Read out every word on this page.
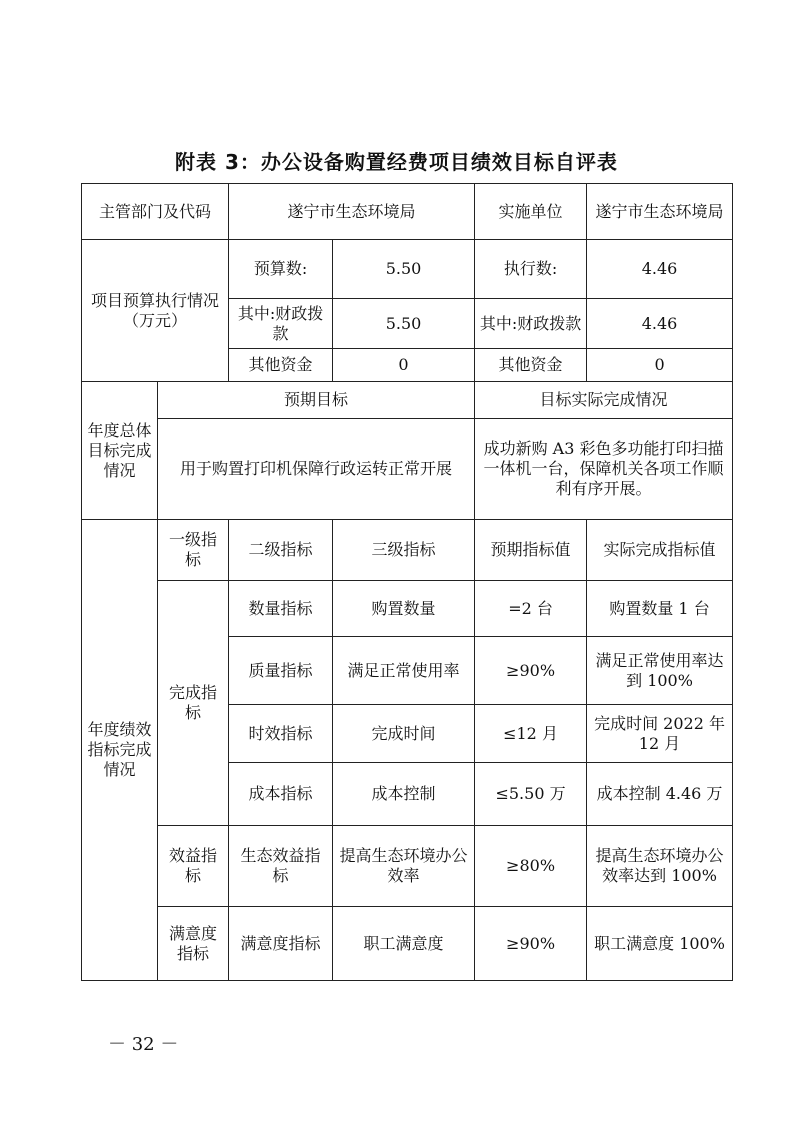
附表 3：办公设备购置经费项目绩效目标自评表
主管部门及代码		遂宁市生态环境局		实施单位	遂宁市生态环境局
项目预算执行情况（万元）		预算数:	5.50	执行数:	4.46
		其中:财政拨款	5.50	其中:财政拨款	4.46
		其他资金	0	其他资金	0
年度总体目标完成情况	预期目标			目标实际完成情况	
	用于购置打印机保障行政运转正常开展			成功新购 A3 彩色多功能打印扫描一体机一台，保障机关各项工作顺利有序开展。	
年度绩效指标完成情况	一级指标	二级指标	三级指标	预期指标值	实际完成指标值
	完成指标	数量指标	购置数量	=2 台	购置数量 1 台
		质量指标	满足正常使用率	≥90%	满足正常使用率达到 100%
		时效指标	完成时间	≤12 月	完成时间 2022 年 12 月
		成本指标	成本控制	≤5.50 万	成本控制 4.46 万
	效益指标	生态效益指标	提高生态环境办公效率	≥80%	提高生态环境办公效率达到 100%
	满意度指标	满意度指标	职工满意度	≥90%	职工满意度 100%
－ 32 －
